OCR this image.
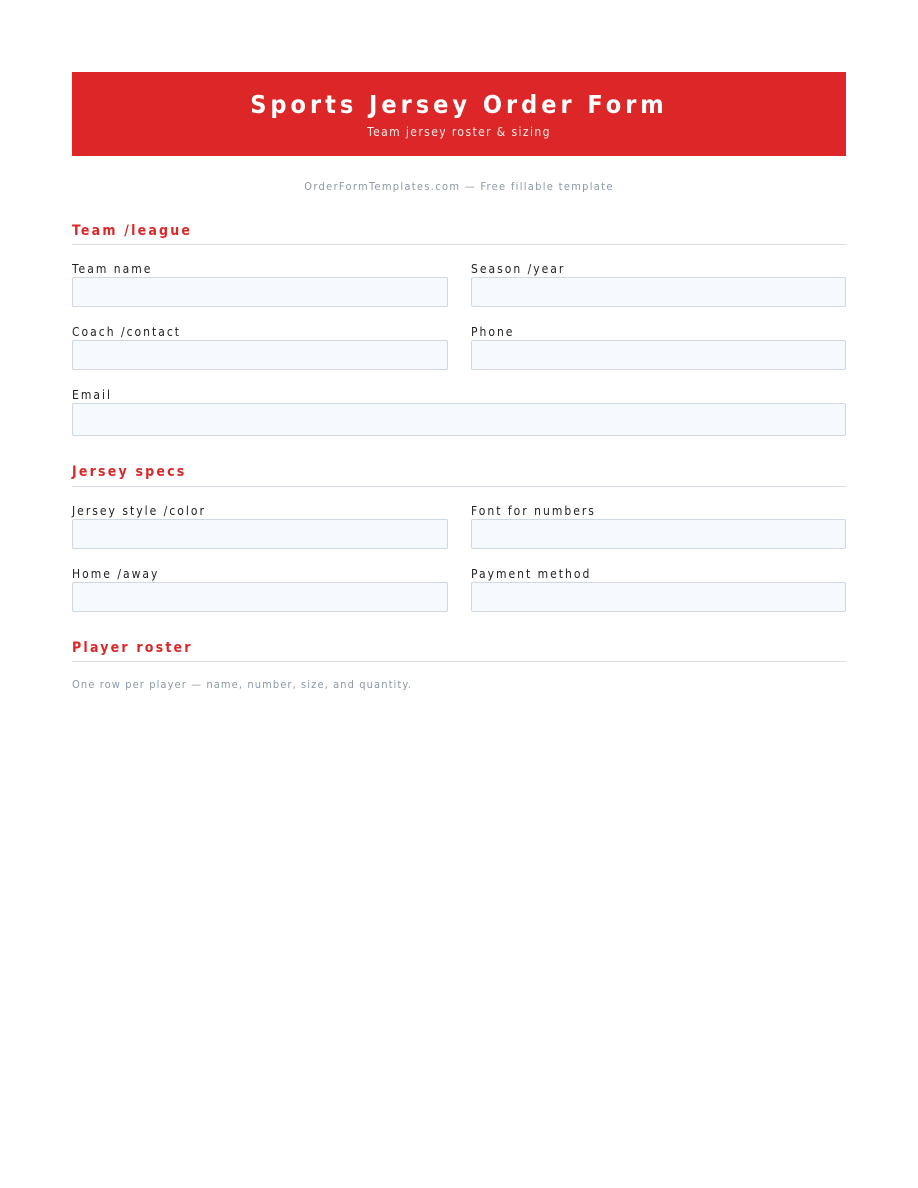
Sports Jersey Order Form
Team jersey roster & sizing
OrderFormTemplates.com — Free fillable template
Team /league
Team name	Season /year
Coach /contact	Phone
Email
Jersey specs
Jersey style /color	Font for numbers
Home /away	Payment method
Player roster
One row per player — name, number, size, and quantity.
